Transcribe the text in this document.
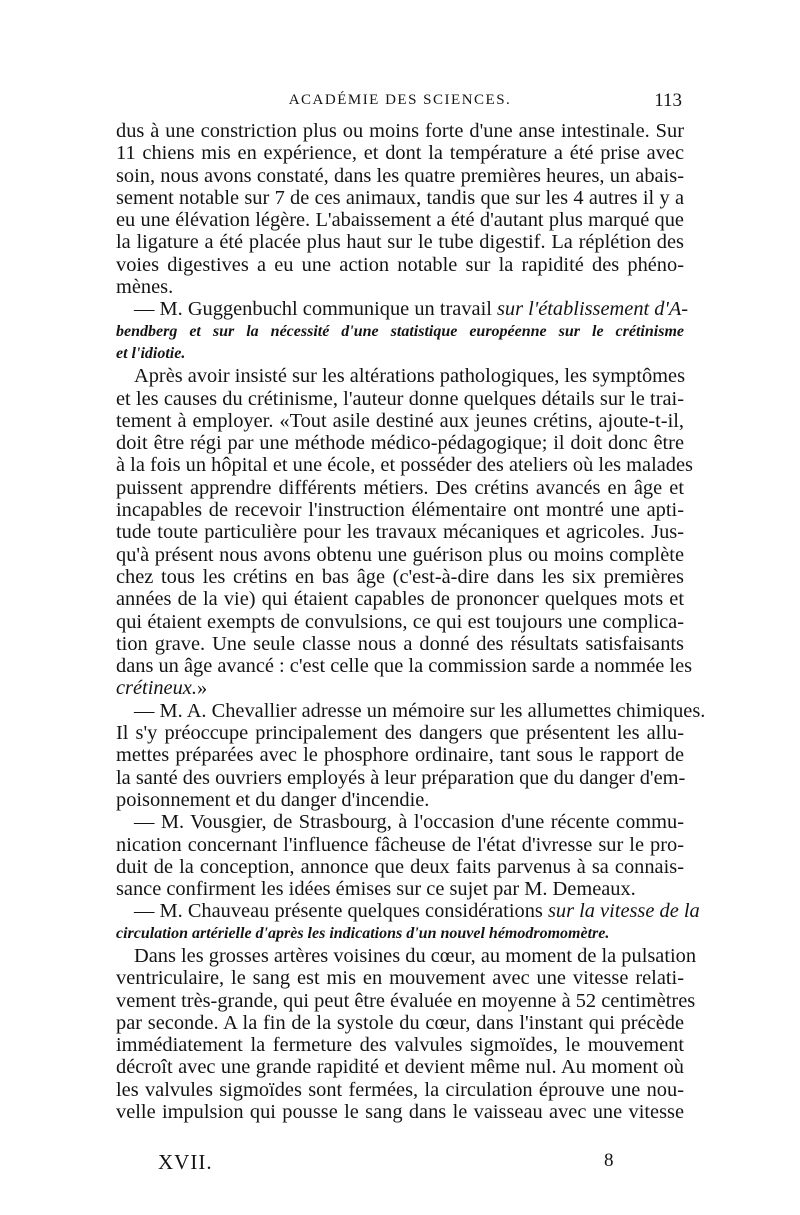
ACADÉMIE DES SCIENCES.	113
dus à une constriction plus ou moins forte d'une anse intestinale. Sur
11 chiens mis en expérience, et dont la température a été prise avec
soin, nous avons constaté, dans les quatre premières heures, un abais-
sement notable sur 7 de ces animaux, tandis que sur les 4 autres il y a
eu une élévation légère. L'abaissement a été d'autant plus marqué que
la ligature a été placée plus haut sur le tube digestif. La réplétion des
voies digestives a eu une action notable sur la rapidité des phéno-
mènes.
— M. Guggenbuchl communique un travail sur l'établissement d'A-
bendberg et sur la nécessité d'une statistique européenne sur le crétinisme
et l'idiotie.
Après avoir insisté sur les altérations pathologiques, les symptômes
et les causes du crétinisme, l'auteur donne quelques détails sur le trai-
tement à employer. «Tout asile destiné aux jeunes crétins, ajoute-t-il,
doit être régi par une méthode médico-pédagogique; il doit donc être
à la fois un hôpital et une école, et posséder des ateliers où les malades
puissent apprendre différents métiers. Des crétins avancés en âge et
incapables de recevoir l'instruction élémentaire ont montré une apti-
tude toute particulière pour les travaux mécaniques et agricoles. Jus-
qu'à présent nous avons obtenu une guérison plus ou moins complète
chez tous les crétins en bas âge (c'est-à-dire dans les six premières
années de la vie) qui étaient capables de prononcer quelques mots et
qui étaient exempts de convulsions, ce qui est toujours une complica-
tion grave. Une seule classe nous a donné des résultats satisfaisants
dans un âge avancé : c'est celle que la commission sarde a nommée les
crétineux.»
— M. A. Chevallier adresse un mémoire sur les allumettes chimiques.
Il s'y préoccupe principalement des dangers que présentent les allu-
mettes préparées avec le phosphore ordinaire, tant sous le rapport de
la santé des ouvriers employés à leur préparation que du danger d'em-
poisonnement et du danger d'incendie.
— M. Vousgier, de Strasbourg, à l'occasion d'une récente commu-
nication concernant l'influence fâcheuse de l'état d'ivresse sur le pro-
duit de la conception, annonce que deux faits parvenus à sa connais-
sance confirment les idées émises sur ce sujet par M. Demeaux.
— M. Chauveau présente quelques considérations sur la vitesse de la
circulation artérielle d'après les indications d'un nouvel hémodromomètre.
Dans les grosses artères voisines du cœur, au moment de la pulsation
ventriculaire, le sang est mis en mouvement avec une vitesse relati-
vement très-grande, qui peut être évaluée en moyenne à 52 centimètres
par seconde. A la fin de la systole du cœur, dans l'instant qui précède
immédiatement la fermeture des valvules sigmoïdes, le mouvement
décroît avec une grande rapidité et devient même nul. Au moment où
les valvules sigmoïdes sont fermées, la circulation éprouve une nou-
velle impulsion qui pousse le sang dans le vaisseau avec une vitesse
XVII.	8
